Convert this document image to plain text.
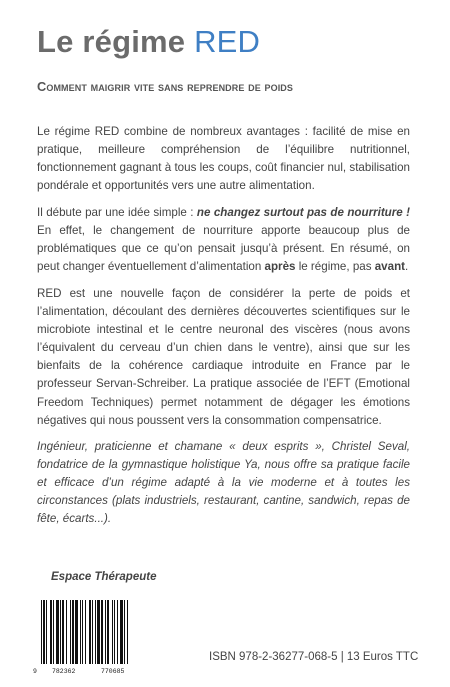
Le régime RED
Comment maigrir vite sans reprendre de poids

Le régime RED combine de nombreux avantages : facilité de mise en pratique, meilleure compréhension de l’équilibre nutritionnel, fonctionnement gagnant à tous les coups, coût financier nul, stabilisation pondérale et opportunités vers une autre alimentation.

Il débute par une idée simple : ne changez surtout pas de nourriture ! En effet, le changement de nourriture apporte beaucoup plus de problématiques que ce qu’on pensait jusqu’à présent. En résumé, on peut changer éventuellement d’alimentation après le régime, pas avant.

RED est une nouvelle façon de considérer la perte de poids et l’alimentation, découlant des dernières découvertes scientifiques sur le microbiote intestinal et le centre neuronal des viscères (nous avons l’équivalent du cerveau d’un chien dans le ventre), ainsi que sur les bienfaits de la cohérence cardiaque introduite en France par le professeur Servan-Schreiber. La pratique associée de l’EFT (Emotional Freedom Techniques) permet notamment de dégager les émotions négatives qui nous poussent vers la consommation compensatrice.

Ingénieur, praticienne et chamane « deux esprits », Christel Seval, fondatrice de la gymnastique holistique Ya, nous offre sa pratique facile et efficace d’un régime adapté à la vie moderne et à toutes les circonstances (plats industriels, restaurant, cantine, sandwich, repas de fête, écarts...).

Espace Thérapeute
9 782362	770685
ISBN 978-2-36277-068-5 | 13 Euros TTC
